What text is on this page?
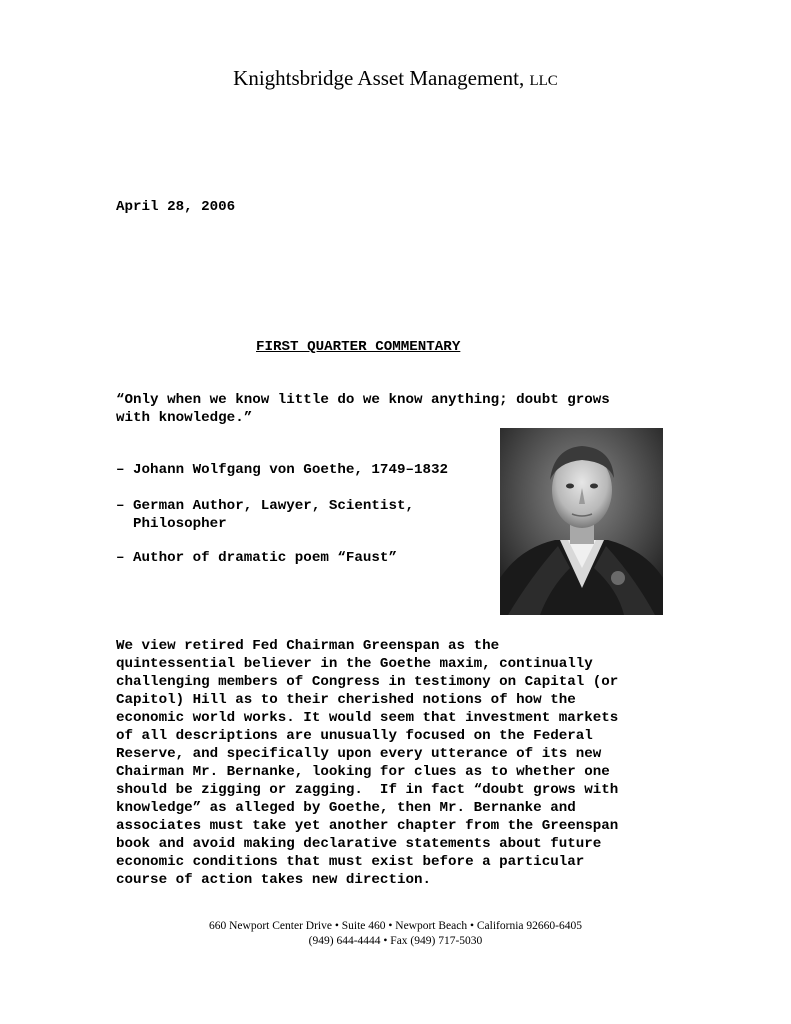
Knightsbridge Asset Management, LLC
April 28, 2006
FIRST QUARTER COMMENTARY
“Only when we know little do we know anything; doubt grows
with knowledge.”
– Johann Wolfgang von Goethe, 1749–1832
– German Author, Lawyer, Scientist,
Philosopher
– Author of dramatic poem “Faust”
We view retired Fed Chairman Greenspan as the
quintessential believer in the Goethe maxim, continually
challenging members of Congress in testimony on Capital (or
Capitol) Hill as to their cherished notions of how the
economic world works. It would seem that investment markets
of all descriptions are unusually focused on the Federal
Reserve, and specifically upon every utterance of its new
Chairman Mr. Bernanke, looking for clues as to whether one
should be zigging or zagging.  If in fact “doubt grows with
knowledge” as alleged by Goethe, then Mr. Bernanke and
associates must take yet another chapter from the Greenspan
book and avoid making declarative statements about future
economic conditions that must exist before a particular
course of action takes new direction.
660 Newport Center Drive • Suite 460 • Newport Beach • California 92660-6405
(949) 644-4444 • Fax (949) 717-5030
